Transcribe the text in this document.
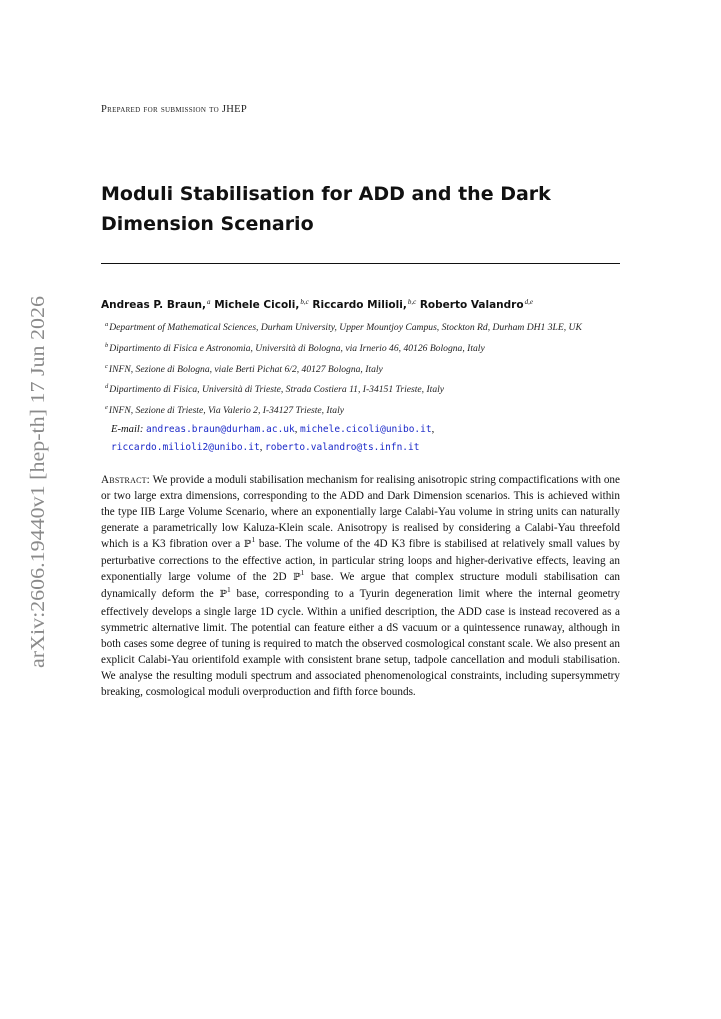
arXiv:2606.19440v1 [hep-th] 17 Jun 2026
Prepared for submission to JHEP
Moduli Stabilisation for ADD and the Dark Dimension Scenario
Andreas P. Braun,$^a$ Michele Cicoli,$^{b,c}$ Riccardo Milioli,$^{b,c}$ Roberto Valandro$^{d,e}$
$^a$Department of Mathematical Sciences, Durham University, Upper Mountjoy Campus, Stockton Rd, Durham DH1 3LE, UK
$^b$Dipartimento di Fisica e Astronomia, Università di Bologna, via Irnerio 46, 40126 Bologna, Italy
$^c$INFN, Sezione di Bologna, viale Berti Pichat 6/2, 40127 Bologna, Italy
$^d$Dipartimento di Fisica, Università di Trieste, Strada Costiera 11, I-34151 Trieste, Italy
$^e$INFN, Sezione di Trieste, Via Valerio 2, I-34127 Trieste, Italy
E-mail: andreas.braun@durham.ac.uk, michele.cicoli@unibo.it,
riccardo.milioli2@unibo.it, roberto.valandro@ts.infn.it

Abstract: We provide a moduli stabilisation mechanism for realising anisotropic string compactifications with one or two large extra dimensions, corresponding to the ADD and Dark Dimension scenarios. This is achieved within the type IIB Large Volume Scenario, where an exponentially large Calabi-Yau volume in string units can naturally generate a parametrically low Kaluza-Klein scale. Anisotropy is realised by considering a Calabi-Yau threefold which is a K3 fibration over a ℙ$^1$ base. The volume of the 4D K3 fibre is stabilised at relatively small values by perturbative corrections to the effective action, in particular string loops and higher-derivative effects, leaving an exponentially large volume of the 2D ℙ$^1$ base. We argue that complex structure moduli stabilisation can dynamically deform the ℙ$^1$ base, corresponding to a Tyurin degeneration limit where the internal geometry effectively develops a single large 1D cycle. Within a unified description, the ADD case is instead recovered as a symmetric alternative limit. The potential can feature either a dS vacuum or a quintessence runaway, although in both cases some degree of tuning is required to match the observed cosmological constant scale. We also present an explicit Calabi-Yau orientifold example with consistent brane setup, tadpole cancellation and moduli stabilisation. We analyse the resulting moduli spectrum and associated phenomenological constraints, including supersymmetry breaking, cosmological moduli overproduction and fifth force bounds.
